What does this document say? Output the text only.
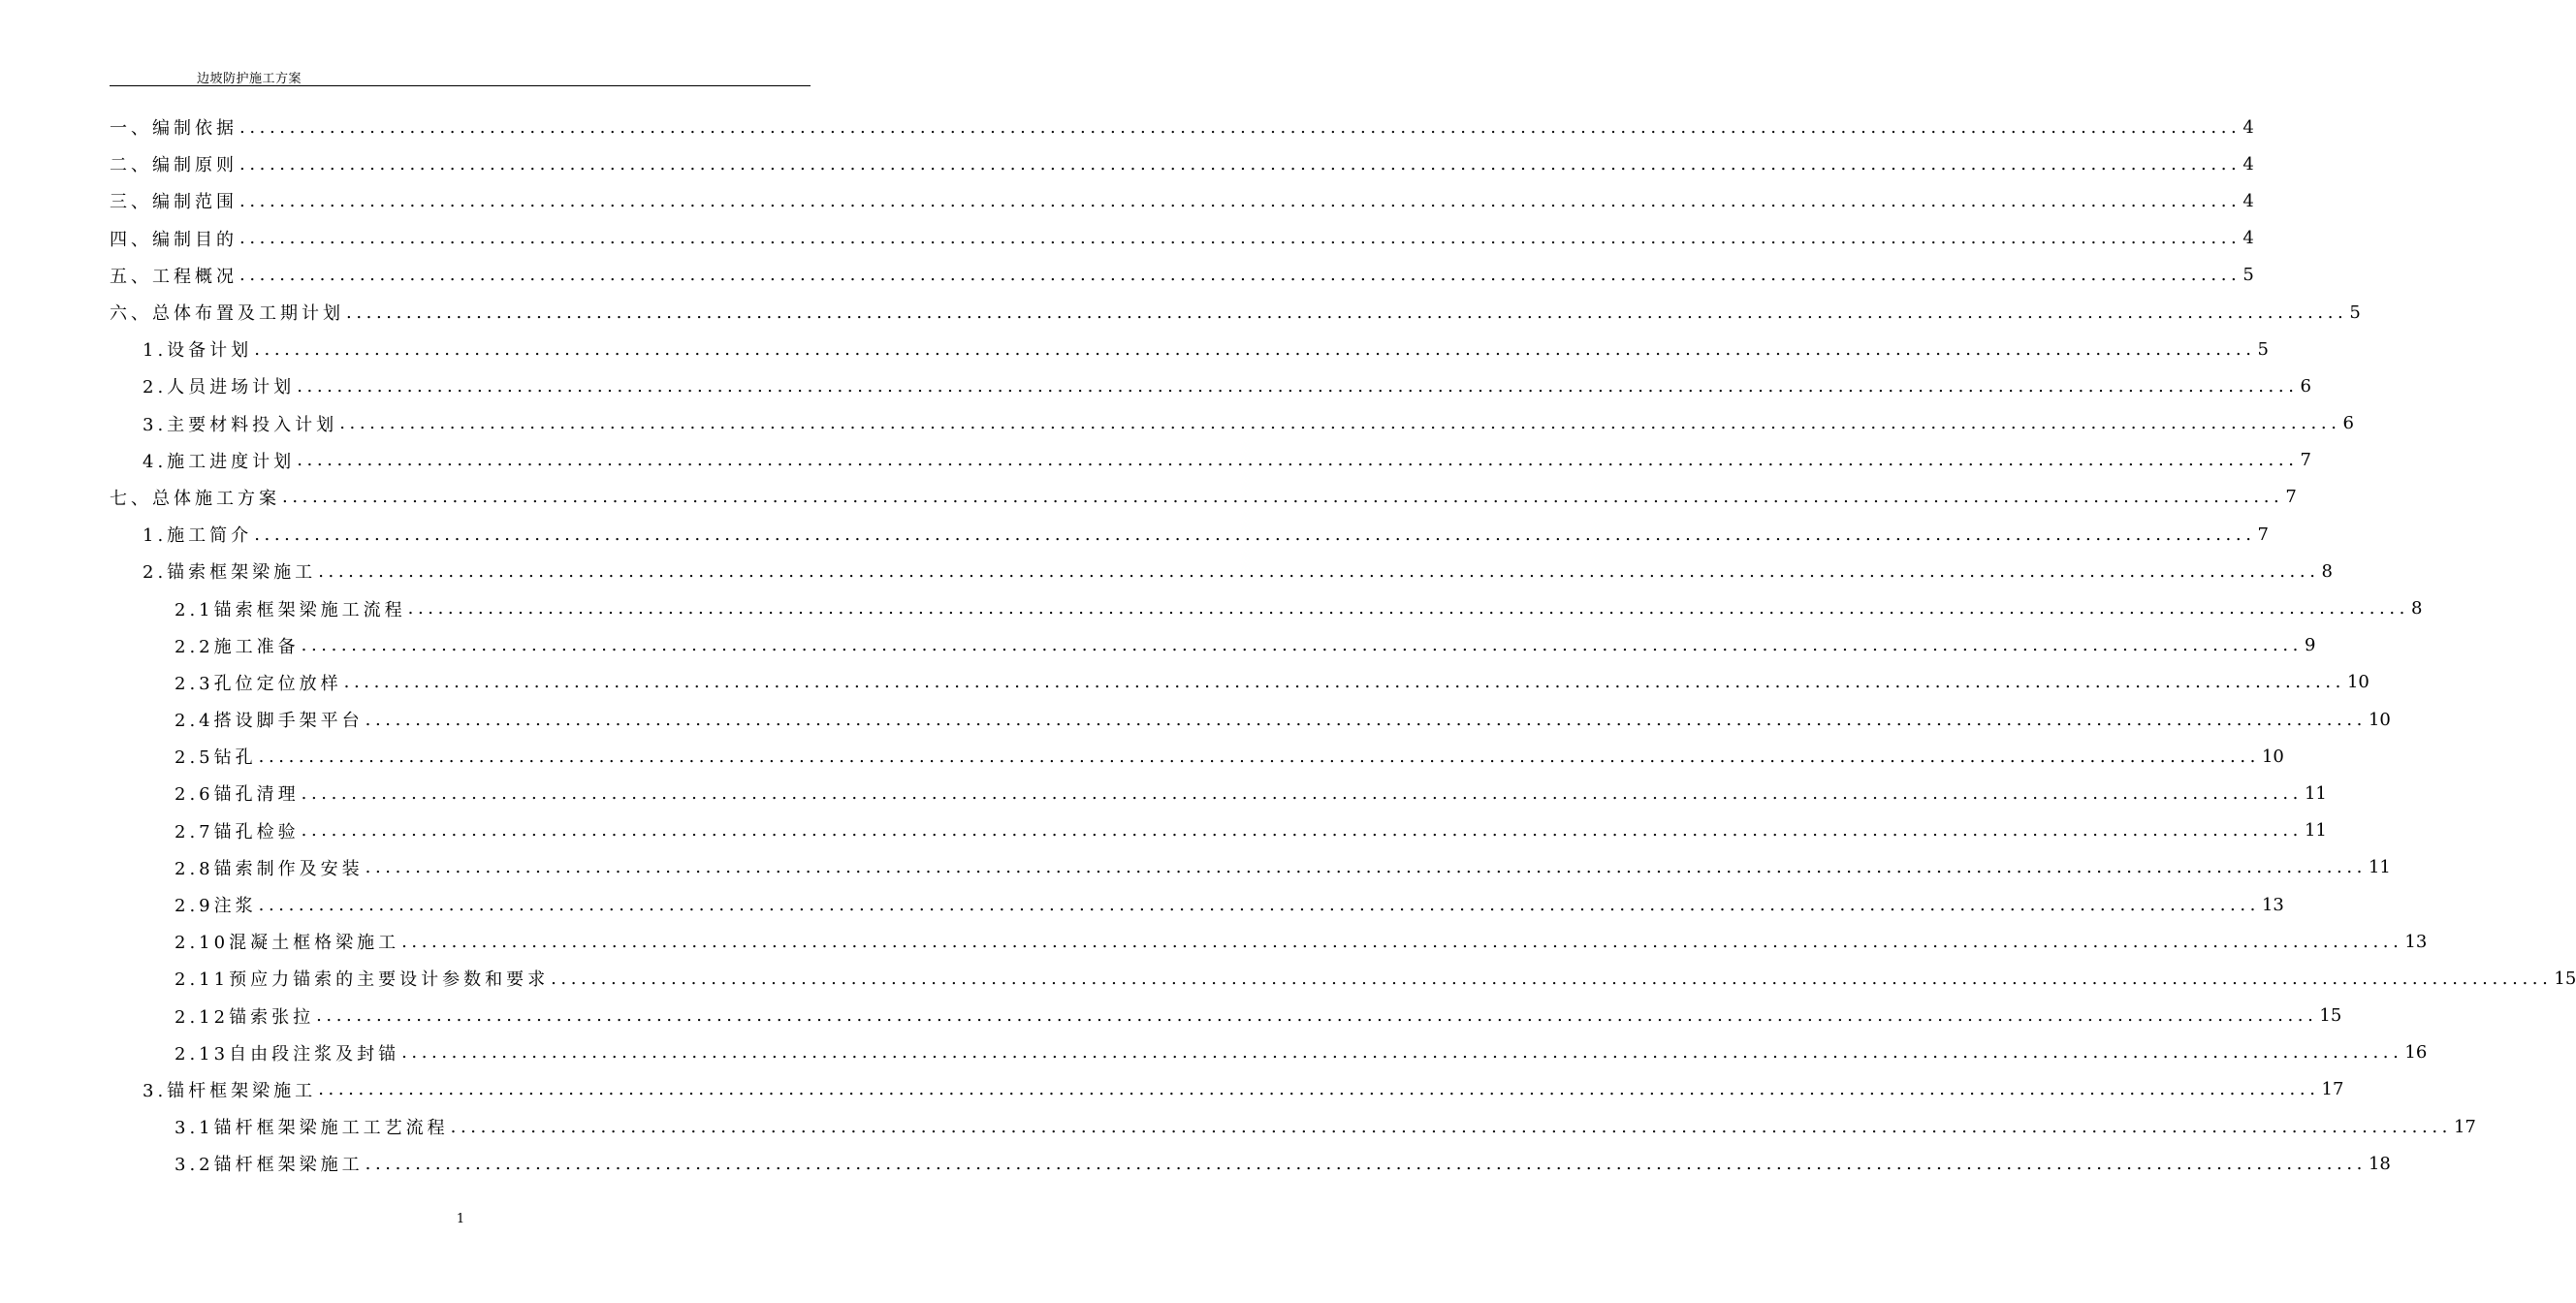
边坡防护施工方案
一、编制依据 ........................................................................................................................................................................................................ 4
二、编制原则 ........................................................................................................................................................................................................ 4
三、编制范围 ........................................................................................................................................................................................................ 4
四、编制目的 ........................................................................................................................................................................................................ 4
五、工程概况 ........................................................................................................................................................................................................ 5
六、总体布置及工期计划 ........................................................................................................................................................................................................ 5
1.设备计划 ........................................................................................................................................................................................................ 5
2.人员进场计划 ........................................................................................................................................................................................................ 6
3.主要材料投入计划 ........................................................................................................................................................................................................ 6
4.施工进度计划 ........................................................................................................................................................................................................ 7
七、总体施工方案 ........................................................................................................................................................................................................ 7
1.施工简介 ........................................................................................................................................................................................................ 7
2.锚索框架梁施工 ........................................................................................................................................................................................................ 8
2.1锚索框架梁施工流程 ........................................................................................................................................................................................................ 8
2.2施工准备 ........................................................................................................................................................................................................ 9
2.3孔位定位放样 ........................................................................................................................................................................................................ 10
2.4搭设脚手架平台 ........................................................................................................................................................................................................ 10
2.5钻孔 ........................................................................................................................................................................................................ 10
2.6锚孔清理 ........................................................................................................................................................................................................ 11
2.7锚孔检验 ........................................................................................................................................................................................................ 11
2.8锚索制作及安装 ........................................................................................................................................................................................................ 11
2.9注浆 ........................................................................................................................................................................................................ 13
2.10混凝土框格梁施工 ........................................................................................................................................................................................................ 13
2.11预应力锚索的主要设计参数和要求 ........................................................................................................................................................................................................ 15
2.12锚索张拉 ........................................................................................................................................................................................................ 15
2.13自由段注浆及封锚 ........................................................................................................................................................................................................ 16
3.锚杆框架梁施工 ........................................................................................................................................................................................................ 17
3.1锚杆框架梁施工工艺流程 ........................................................................................................................................................................................................ 17
3.2锚杆框架梁施工 ........................................................................................................................................................................................................ 18
1
